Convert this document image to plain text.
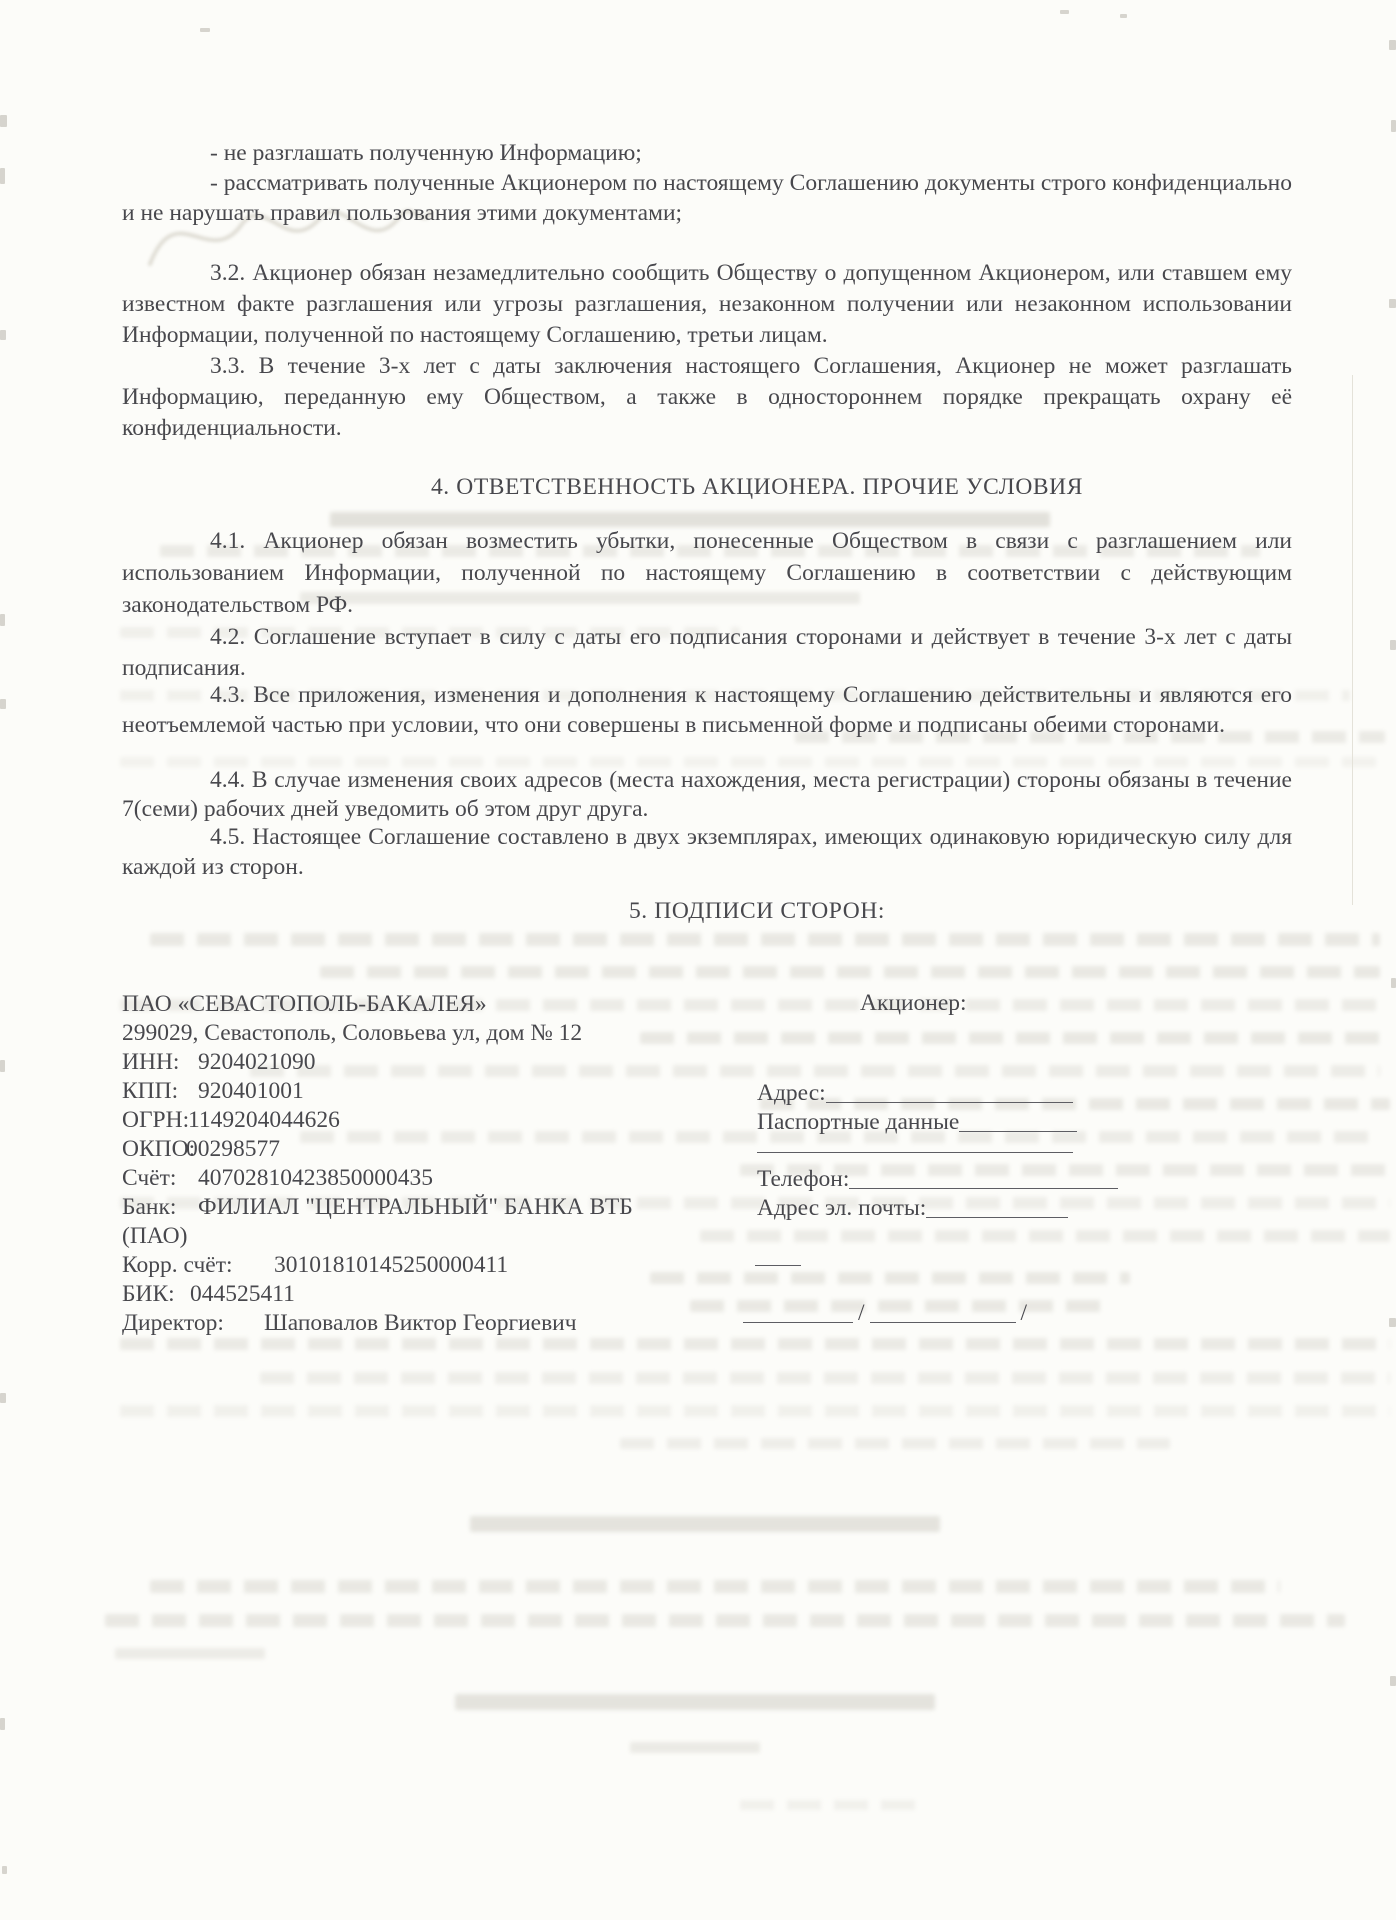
- не разглашать полученную Информацию;
- рассматривать полученные Акционером по настоящему Соглашению документы строго конфиденциально и не нарушать правил пользования этими документами;
3.2. Акционер обязан незамедлительно сообщить Обществу о допущенном Акционером, или ставшем ему известном факте разглашения или угрозы разглашения, незаконном получении или незаконном использовании Информации, полученной по настоящему Соглашению, третьи лицам.
3.3. В течение 3-х лет с даты заключения настоящего Соглашения, Акционер не может разглашать Информацию, переданную ему Обществом, а также в одностороннем порядке прекращать охрану её конфиденциальности.
4. ОТВЕТСТВЕННОСТЬ АКЦИОНЕРА. ПРОЧИЕ УСЛОВИЯ
4.1. Акционер обязан возместить убытки, понесенные Обществом в связи с разглашением или использованием Информации, полученной по настоящему Соглашению в соответствии с действующим законодательством РФ.
4.2. Соглашение вступает в силу с даты его подписания сторонами и действует в течение 3-х лет с даты подписания.
4.3. Все приложения, изменения и дополнения к настоящему Соглашению действительны и являются его неотъемлемой частью при условии, что они совершены в письменной форме и подписаны обеими сторонами.
4.4. В случае изменения своих адресов (места нахождения, места регистрации) стороны обязаны в течение 7(семи) рабочих дней уведомить об этом друг друга.
4.5. Настоящее Соглашение составлено в двух экземплярах, имеющих одинаковую юридическую силу для каждой из сторон.
5. ПОДПИСИ СТОРОН:
ПАО «СЕВАСТОПОЛЬ-БАКАЛЕЯ»
299029, Севастополь, Соловьева ул, дом № 12
ИНН: 9204021090
КПП: 920401001
ОГРН:
1149204044626
ОКПО:
00298577
Счёт: 40702810423850000435
Банк: ФИЛИАЛ "ЦЕНТРАЛЬНЫЙ" БАНКА ВТБ
(ПАО)
Корр. счёт:	30101810145250000411
БИК: 044525411
Директор:	Шаповалов Виктор Георгиевич
Акционер:
Адрес:
Паспортные данные
Телефон:
Адрес эл. почты:
/	/
